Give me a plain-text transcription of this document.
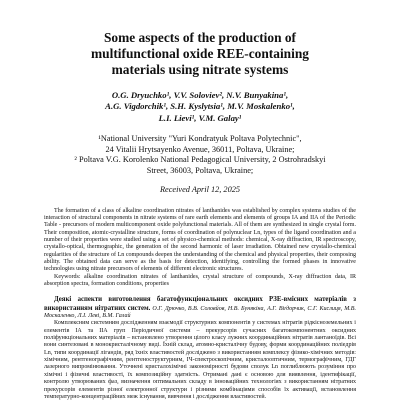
Some aspects of the production of
multifunctional oxide REE-containing
materials using nitrate systems
O.G. Dryuchko¹, V.V. Soloviev², N.V. Bunyakina¹,
A.G. Vigdorchik¹, S.H. Kyslytsia¹, M.V. Moskalenko¹,
L.I. Lievi¹, V.M. Galay¹
¹National University "Yuri Kondratyuk Poltava Polytechnic",
24 Vitalii Hrytsayenko Avenue, 36011, Poltava, Ukraine;
² Poltava V.G. Korolenko National Pedagogical University, 2 Ostrohradskyi
Street, 36003, Poltava, Ukraine;
Received April 12, 2025
The formation of a class of alkaline coordination nitrates of lanthanides was established by complex systems studies of the interaction of structural components in nitrate systems of rare earth elements and elements of groups IA and IIA of the Periodic Table - precursors of modern multicomponent oxide polyfunctional materials. All of them are synthesized in single crystal form. Their composition, atomic-crystalline structure, forms of coordination of polynuclear Ln, types of the ligand coordination and a number of their properties were studied using a set of physico-chemical methods: chemical, X-ray diffraction, IR spectroscopy, crystallo-optical, thermographic, the generation of the second harmonic of laser irradiation. Obtained new crystallo-chemical regularities of the structure of Ln compounds deepen the understanding of the chemical and physical properties, their composing ability. The obtained data can serve as the basis for detection, identifying, controlling the formed phases in innovative technologies using nitrate precursors of elements of different electronic structures.
Keywords: alkaline coordination nitrates of lanthanides, crystal structure of compounds, X-ray diffraction data, IR absorption spectra, formation conditions, properties
Деякі аспекти виготовлення багатофункціональних оксидних РЗЕ-вмісних матеріалів з використанням нітратних систем. О.Г. Дрючко, В.В. Соловйов, Н.В. Бунякіна, А.Г. Віґдорчик, С.Г. Кислиця, М.В. Москаленко, Л.І. Леві, В.М. Галай
Комплексним системним дослідженням взаємодії структурних компонентів у системах нітратів рідкісноземельних і елементів ІА та ІІА груп Періодичної системи – прекурсорів сучасних багатокомпонентних оксидних поліфункціональних матеріалів – встановлено утворення цілого класу лужних координаційних нітратів лантаноїдів. Всі вони синтезовані в монокристалічному виді. Їхній склад, атомно-кристалічну будову, форми координаційних поліедрів Ln, типи координації лігандів, ряд їхніх властивостей досліджено з використанням комплексу фізико-хімічних методів: хімічним, рентгенографічним, рентгеноструктурним, ІЧ-спектроскопічним, кристалооптичним, термографічним, ГДГ лазерного випромінювання. Уточнені кристалохімічні закономірності будови сполук Ln поглиблюють розуміння про хімічні і фізичні властивості, їх композиційну здатність. Отримані дані є основою для виявлення, ідентифікації, контролю утворюваних фаз, визначення оптимальних складу в інноваційних технологіях з використанням нітратних прекурсорів елементів різної електронної структури і різними комбінаціями способів їх активації, встановлення температурно-концентраційних меж існування, вивчення і дослідження властивостей.
